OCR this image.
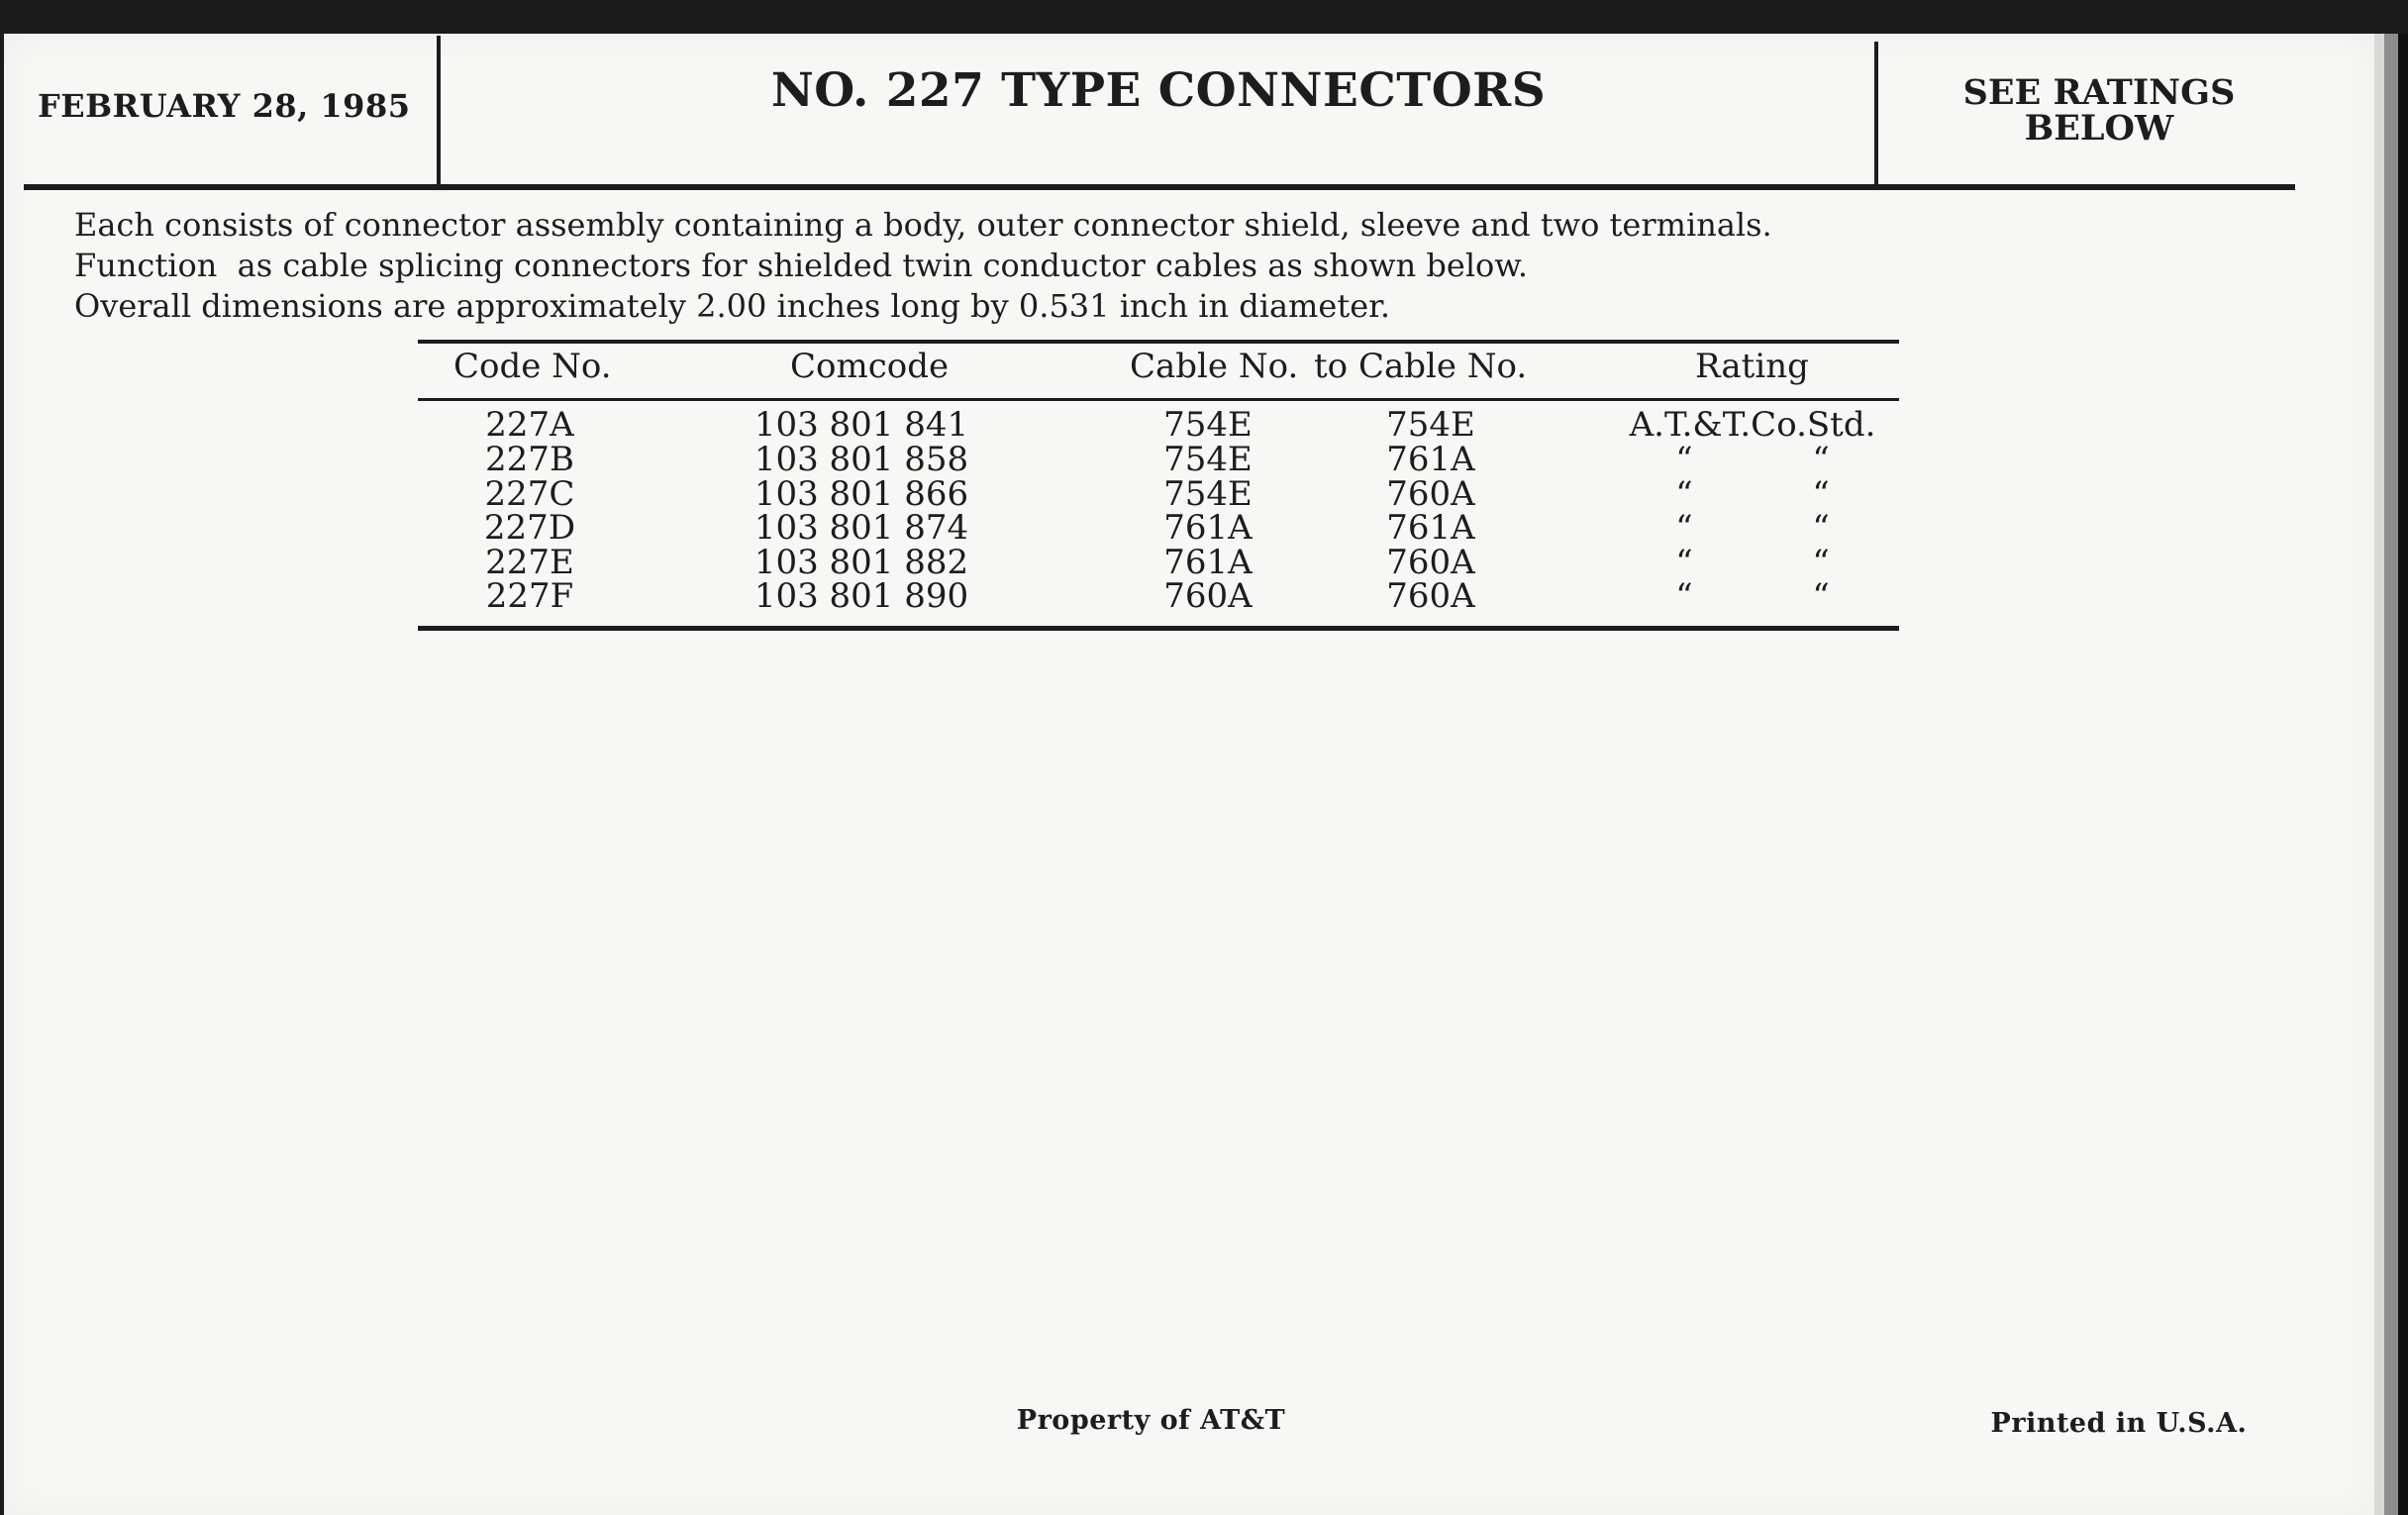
FEBRUARY 28, 1985	NO. 227 TYPE CONNECTORS	SEE RATINGS
BELOW
Each consists of connector assembly containing a body, outer connector shield, sleeve and two terminals.
Function  as cable splicing connectors for shielded twin conductor cables as shown below.
Overall dimensions are approximately 2.00 inches long by 0.531 inch in diameter.
Code No.	Comcode	Cable No. to Cable No.	Rating
227A	103 801 841	754E	754E	A.T.&T.Co.Std.
227B	103 801 858	754E	761A	“ “
227C	103 801 866	754E	760A	“ “
227D	103 801 874	761A	761A	“ “
227E	103 801 882	761A	760A	“ “
227F	103 801 890	760A	760A	“ “
Property of AT&T	Printed in U.S.A.
